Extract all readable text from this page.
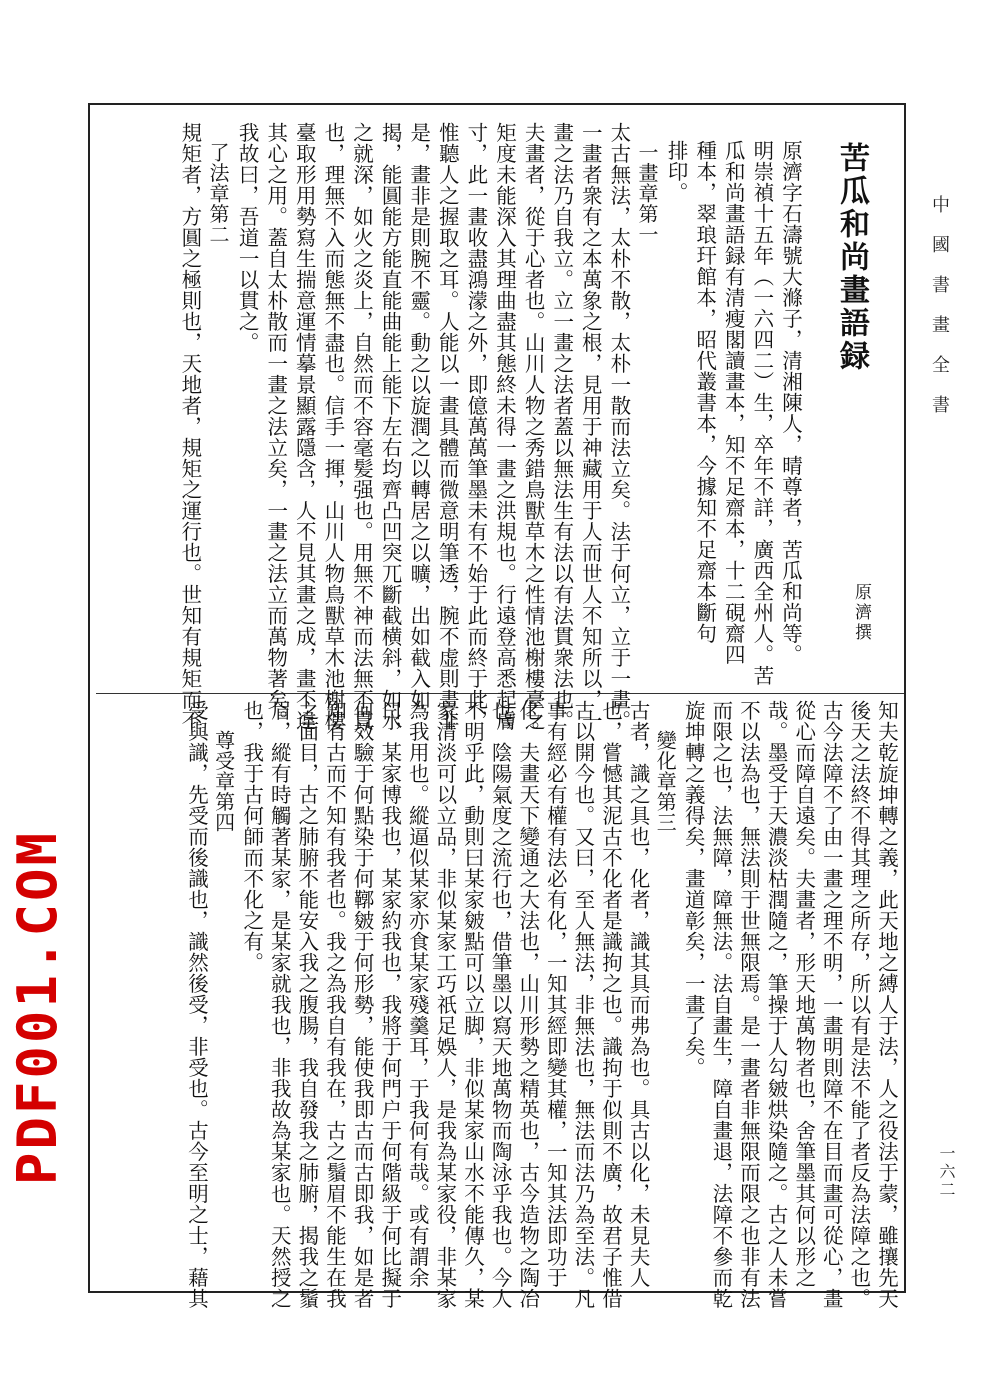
中國書畫全書
一六二
苦瓜和尚畫語録
原濟撰
原濟字石濤號大滌子，清湘陳人，晴尊者，苦瓜和尚等。
明崇禎十五年（一六四二）生，卒年不詳，廣西全州人。苦
瓜和尚畫語録有清瘦閣讀畫本，知不足齋本，十二硯齋四
種本，翠琅玕館本，昭代叢書本，今據知不足齋本斷句
排印。
一畫章第一
太古無法，太朴不散，太朴一散而法立矣。法于何立，立于一畫。
一畫者衆有之本萬象之根，見用于神藏用于人而世人不知所以，一
畫之法乃自我立。立一畫之法者蓋以無法生有法以有法貫衆法也。
夫畫者，從于心者也。山川人物之秀錯鳥獸草木之性情池榭樓臺之
矩度未能深入其理曲盡其態終未得一畫之洪規也。行遠登高悉起膚
寸，此一畫收盡鴻濛之外，即億萬萬筆墨未有不始于此而終于此，
惟聽人之握取之耳。人能以一畫具體而微意明筆透，腕不虚則畫非
是，畫非是則腕不靈。動之以旋潤之以轉居之以曠，出如截入如
揭，能圓能方能直能曲能上能下左右均齊凸凹突兀斷截横斜，如水
之就深，如火之炎上，自然而不容毫髪强也。用無不神而法無不貫
也，理無不入而態無不盡也。信手一揮，山川人物鳥獸草木池榭樓
臺取形用勢寫生揣意運情摹景顯露隱含，人不見其畫之成，畫不違
其心之用。蓋自太朴散而一畫之法立矣，一畫之法立而萬物著矣。
我故曰，吾道一以貫之。
了法章第二
規矩者，方圓之極則也，天地者，規矩之運行也。世知有規矩而不
知夫乾旋坤轉之義，此天地之縛人于法，人之役法于蒙，雖攘先天
後天之法終不得其理之所存，所以有是法不能了者反為法障之也。
古今法障不了由一畫之理不明，一畫明則障不在目而畫可從心，畫
從心而障自遠矣。夫畫者，形天地萬物者也，舍筆墨其何以形之
哉。墨受于天濃淡枯潤隨之，筆操于人勾皴烘染隨之。古之人未嘗
不以法為也，無法則于世無限焉。是一畫者非無限而限之也非有法
而限之也，法無障，障無法。法自畫生，障自畫退，法障不參而乾
旋坤轉之義得矣，畫道彰矣，一畫了矣。
變化章第三
古者，識之具也，化者，識其具而弗為也。具古以化，未見夫人
也，嘗憾其泥古不化者是識拘之也。識拘于似則不廣，故君子惟借
古以開今也。又曰，至人無法，非無法也，無法而法乃為至法。凡
事有經必有權有法必有化，一知其經即變其權，一知其法即功于
化。夫畫天下變通之大法也，山川形勢之精英也，古今造物之陶冶
也，陰陽氣度之流行也，借筆墨以寫天地萬物而陶泳乎我也。今人
不明乎此，動則曰某家皴點可以立脚，非似某家山水不能傳久，某
家清淡可以立品，非似某家工巧祇足娛人，是我為某家役，非某家
為我用也。縱逼似某家亦食某家殘羹耳，于我何有哉。或有謂余
曰，某家博我也，某家約我也，我將于何門户于何階級于何比擬于
何效驗于何點染于何鞹皴于何形勢，能使我即古而古即我，如是者
知有古而不知有我者也。我之為我自有我在，古之鬚眉不能生在我
之面目，古之肺腑不能安入我之腹腸，我自發我之肺腑，揭我之鬚
眉，縱有時觸著某家，是某家就我也，非我故為某家也。天然授之
也，我于古何師而不化之有。
尊受章第四
受與識，先受而後識也，識然後受，非受也。古今至明之士，藉其
PDF001.COM
